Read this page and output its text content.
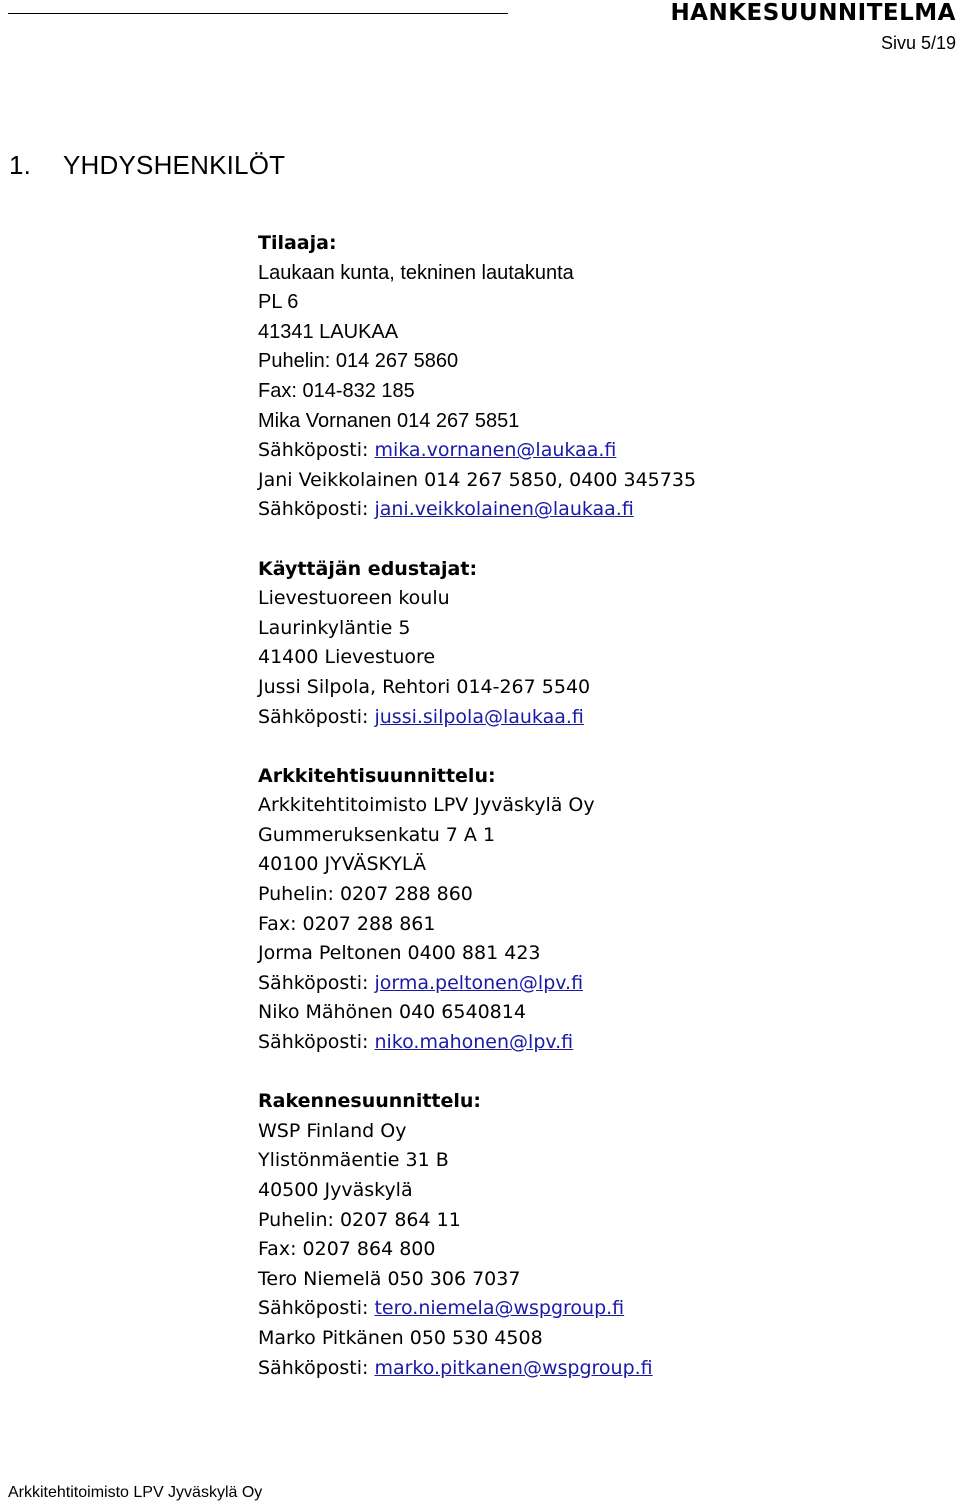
HANKESUUNNITELMA
Sivu 5/19
1. YHDYSHENKILÖT
Tilaaja:
Laukaan kunta, tekninen lautakunta
PL 6
41341 LAUKAA
Puhelin: 014 267 5860
Fax: 014-832 185
Mika Vornanen 014 267 5851
Sähköposti: mika.vornanen@laukaa.fi
Jani Veikkolainen 014 267 5850, 0400 345735
Sähköposti: jani.veikkolainen@laukaa.fi
Käyttäjän edustajat:
Lievestuoreen koulu
Laurinkyläntie 5
41400 Lievestuore
Jussi Silpola, Rehtori 014-267 5540
Sähköposti: jussi.silpola@laukaa.fi
Arkkitehtisuunnittelu:
Arkkitehtitoimisto LPV Jyväskylä Oy
Gummeruksenkatu 7 A 1
40100 JYVÄSKYLÄ
Puhelin: 0207 288 860
Fax: 0207 288 861
Jorma Peltonen 0400 881 423
Sähköposti: jorma.peltonen@lpv.fi
Niko Mähönen 040 6540814
Sähköposti: niko.mahonen@lpv.fi
Rakennesuunnittelu:
WSP Finland Oy
Ylistönmäentie 31 B
40500 Jyväskylä
Puhelin: 0207 864 11
Fax: 0207 864 800
Tero Niemelä 050 306 7037
Sähköposti: tero.niemela@wspgroup.fi
Marko Pitkänen 050 530 4508
Sähköposti: marko.pitkanen@wspgroup.fi
Arkkitehtitoimisto LPV Jyväskylä Oy
